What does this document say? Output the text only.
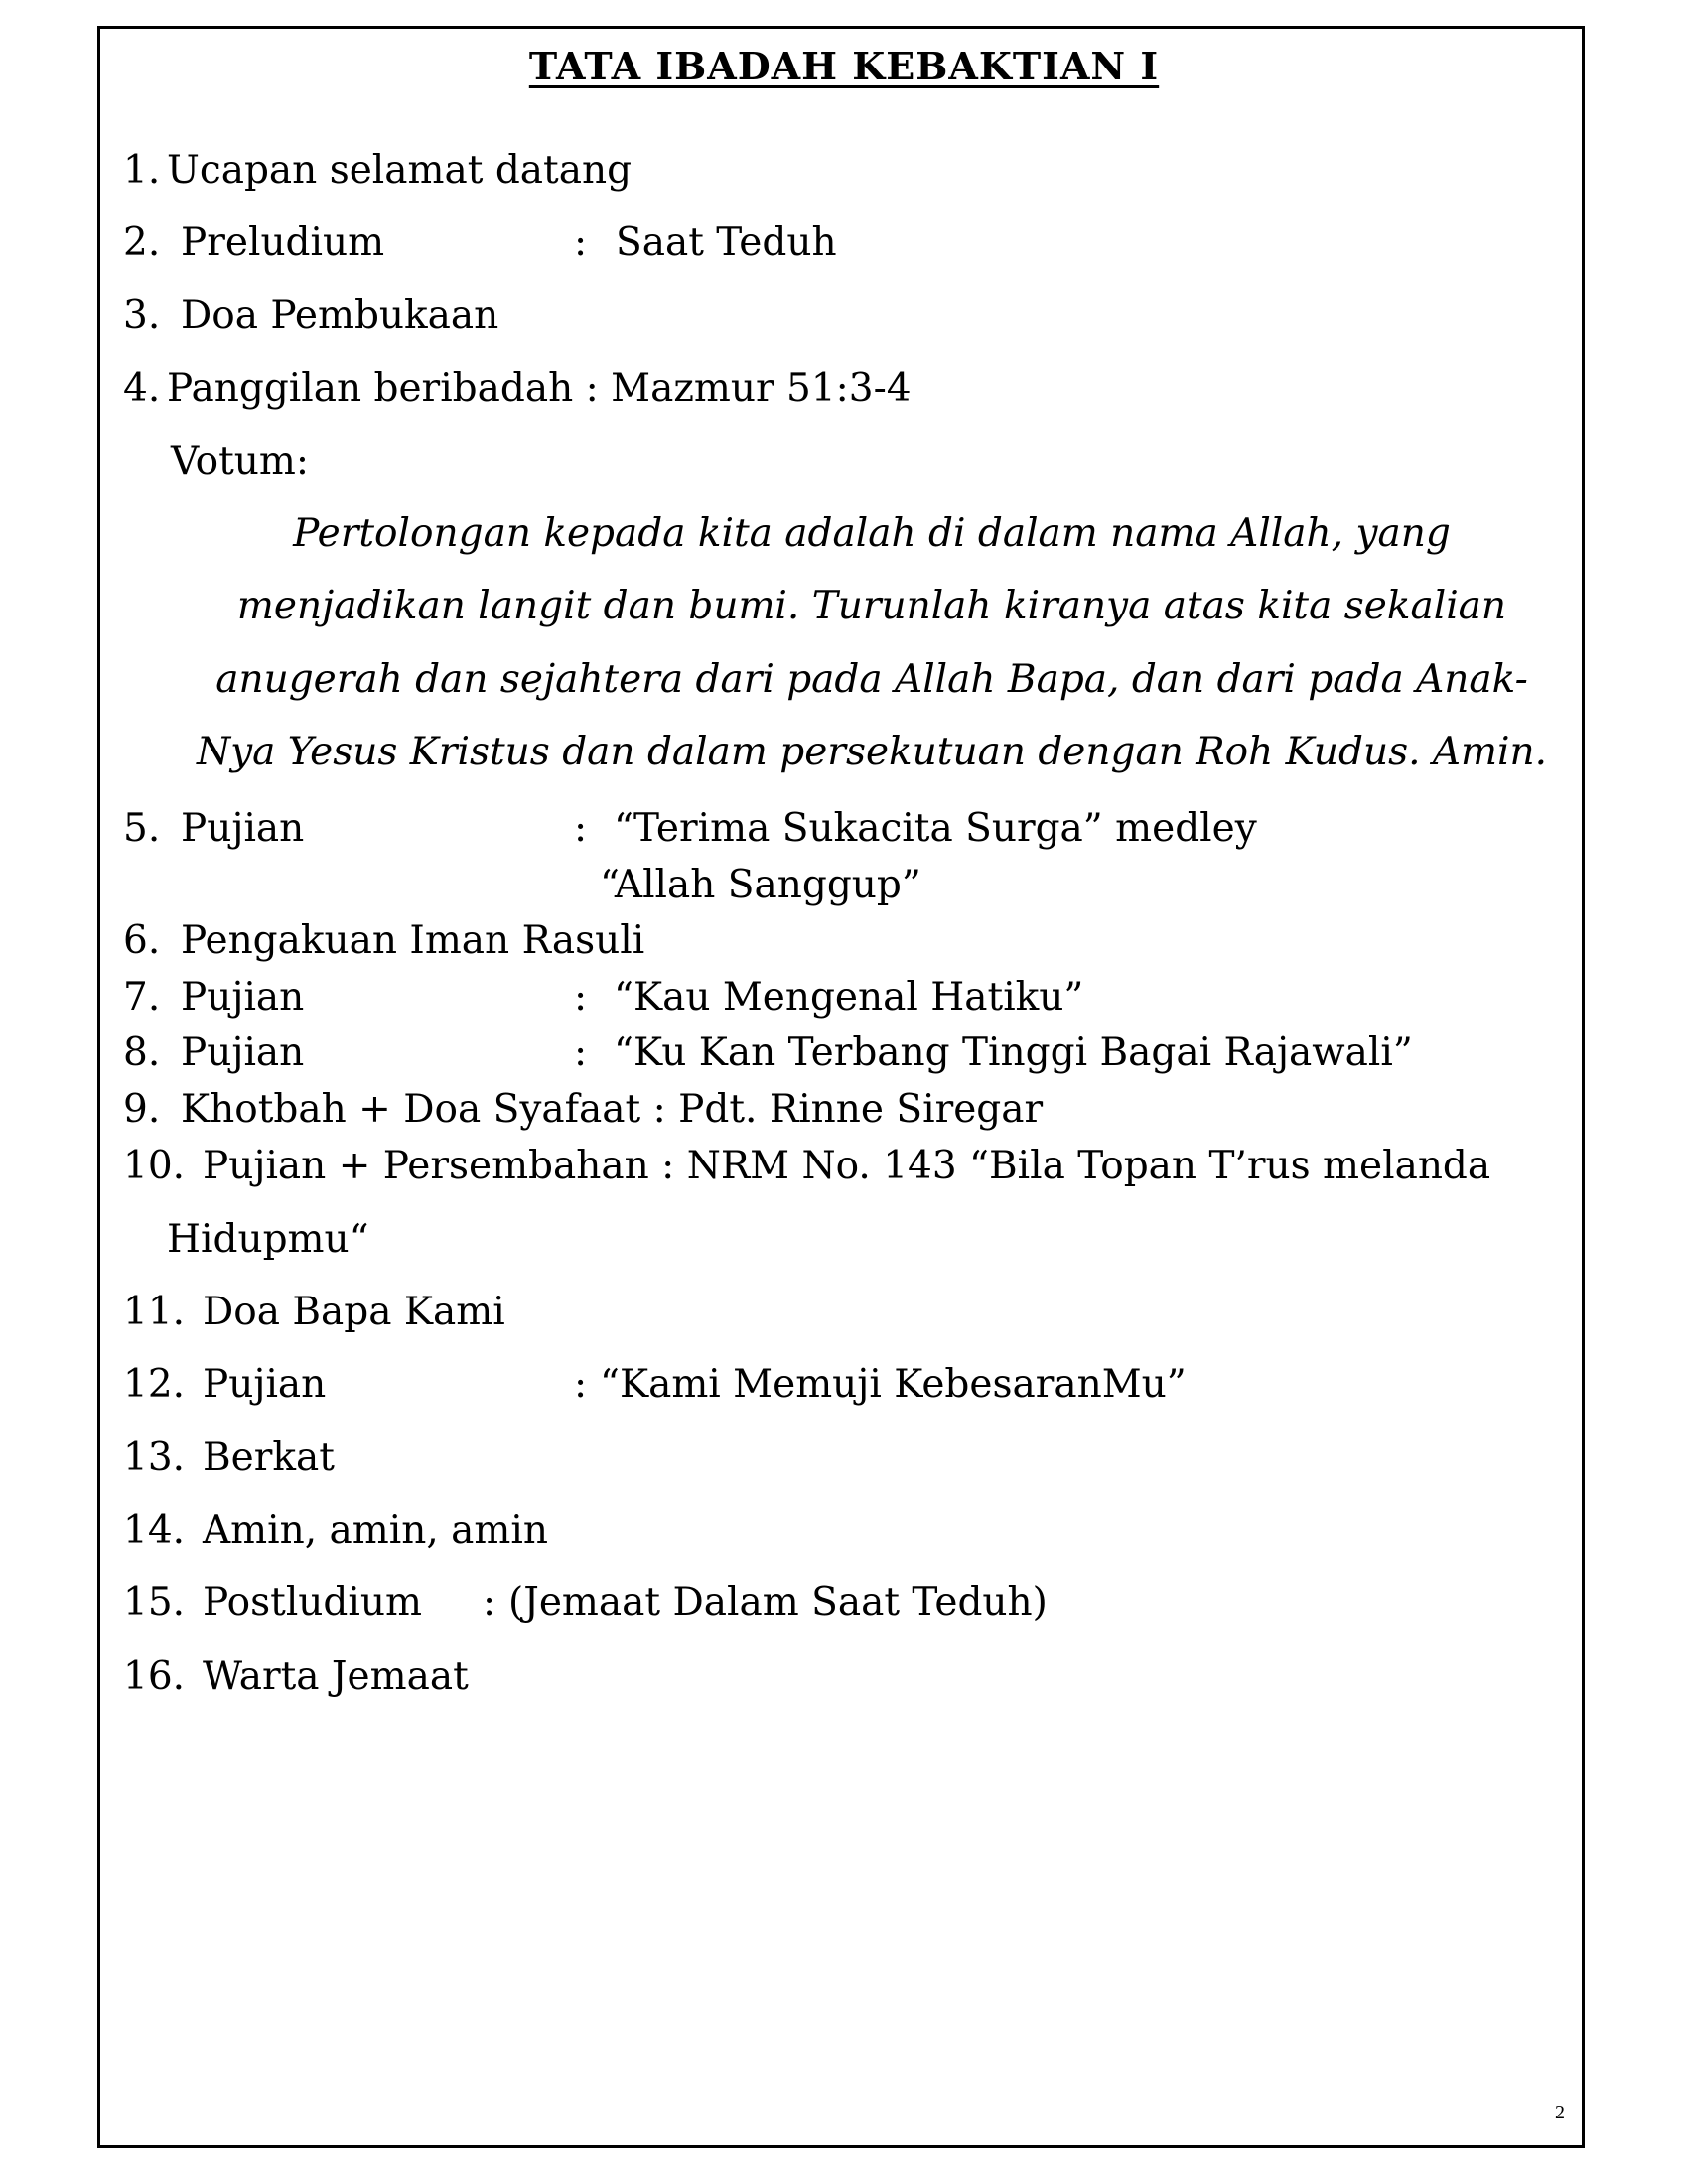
TATA IBADAH KEBAKTIAN I
1. Ucapan selamat datang
2. Preludium	: Saat Teduh
3. Doa Pembukaan
4. Panggilan beribadah : Mazmur 51:3-4
Votum:
Pertolongan kepada kita adalah di dalam nama Allah, yang
menjadikan langit dan bumi. Turunlah kiranya atas kita sekalian
anugerah dan sejahtera dari pada Allah Bapa, dan dari pada Anak-
Nya Yesus Kristus dan dalam persekutuan dengan Roh Kudus. Amin.
5. Pujian	: “Terima Sukacita Surga” medley
“Allah Sanggup”
6. Pengakuan Iman Rasuli
7. Pujian	: “Kau Mengenal Hatiku”
8. Pujian	: “Ku Kan Terbang Tinggi Bagai Rajawali”
9. Khotbah + Doa Syafaat : Pdt. Rinne Siregar
10. Pujian + Persembahan : NRM No. 143 “Bila Topan T’rus melanda
Hidupmu“
11. Doa Bapa Kami
12. Pujian	: “Kami Memuji KebesaranMu”
13. Berkat
14. Amin, amin, amin
15. Postludium : (Jemaat Dalam Saat Teduh)
16. Warta Jemaat
2
